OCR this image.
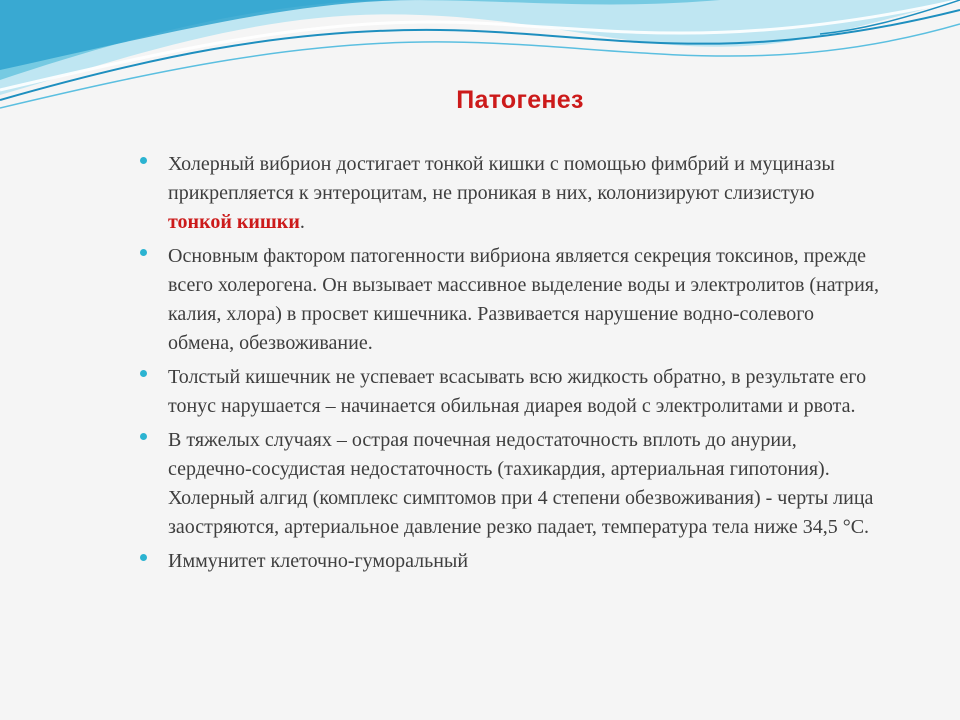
Патогенез
Холерный вибрион достигает тонкой кишки с помощью фимбрий и муциназы прикрепляется к энтероцитам, не проникая в них, колонизируют слизистую тонкой кишки.
Основным фактором патогенности вибриона является секреция токсинов, прежде всего холерогена. Он вызывает массивное выделение воды и электролитов (натрия, калия, хлора) в просвет кишечника. Развивается нарушение водно-солевого обмена, обезвоживание.
Толстый кишечник не успевает всасывать всю жидкость обратно, в результате его тонус нарушается – начинается обильная диарея водой с электролитами и рвота.
В тяжелых случаях – острая почечная недостаточность вплоть до анурии, сердечно-сосудистая недостаточность (тахикардия, артериальная гипотония). Холерный алгид (комплекс симптомов при 4 степени обезвоживания) - черты лица заостряются, артериальное давление резко падает, температура тела ниже 34,5 °С.
Иммунитет клеточно-гуморальный
